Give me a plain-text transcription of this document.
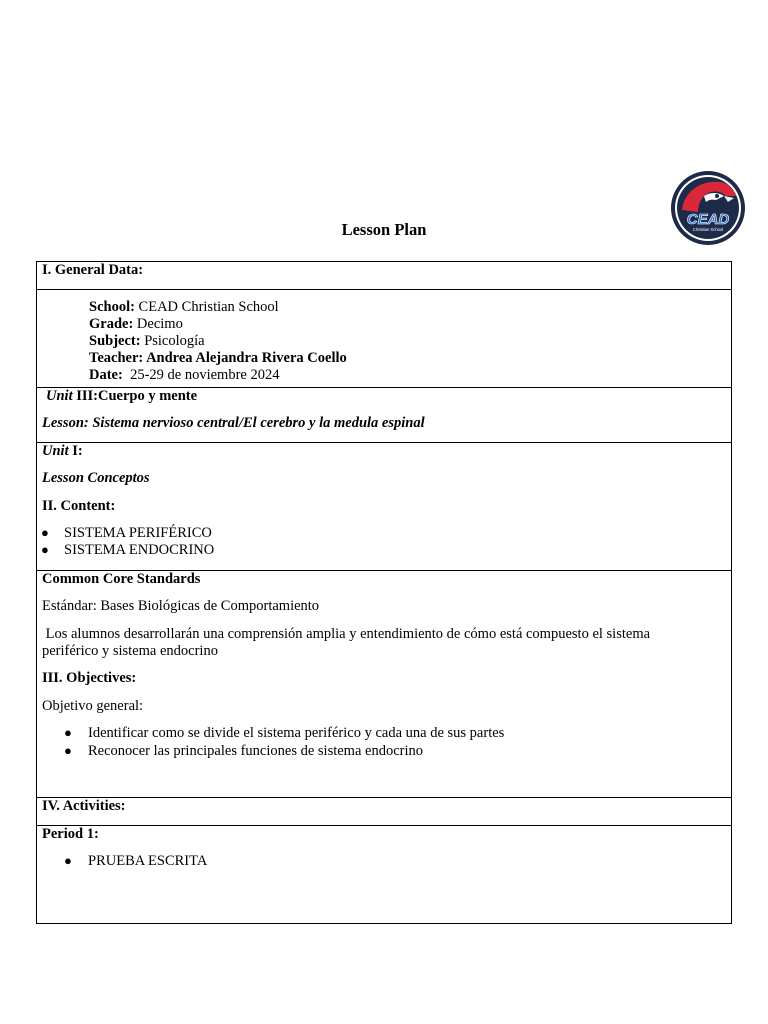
CEAD
Christian School
Lesson Plan
I. General Data:
School: CEAD Christian School
Grade: Decimo
Subject: Psicología
Teacher: Andrea Alejandra Rivera Coello
Date: 25-29 de noviembre 2024
Unit III:Cuerpo y mente
Lesson: Sistema nervioso central/El cerebro y la medula espinal
Unit I:
Lesson Conceptos
II. Content:
● SISTEMA PERIFÉRICO
● SISTEMA ENDOCRINO
Common Core Standards
Estándar: Bases Biológicas de Comportamiento
Los alumnos desarrollarán una comprensión amplia y entendimiento de cómo está compuesto el sistema
periférico y sistema endocrino
III. Objectives:
Objetivo general:
● Identificar como se divide el sistema periférico y cada una de sus partes
● Reconocer las principales funciones de sistema endocrino
IV. Activities:
Period 1:
● PRUEBA ESCRITA
